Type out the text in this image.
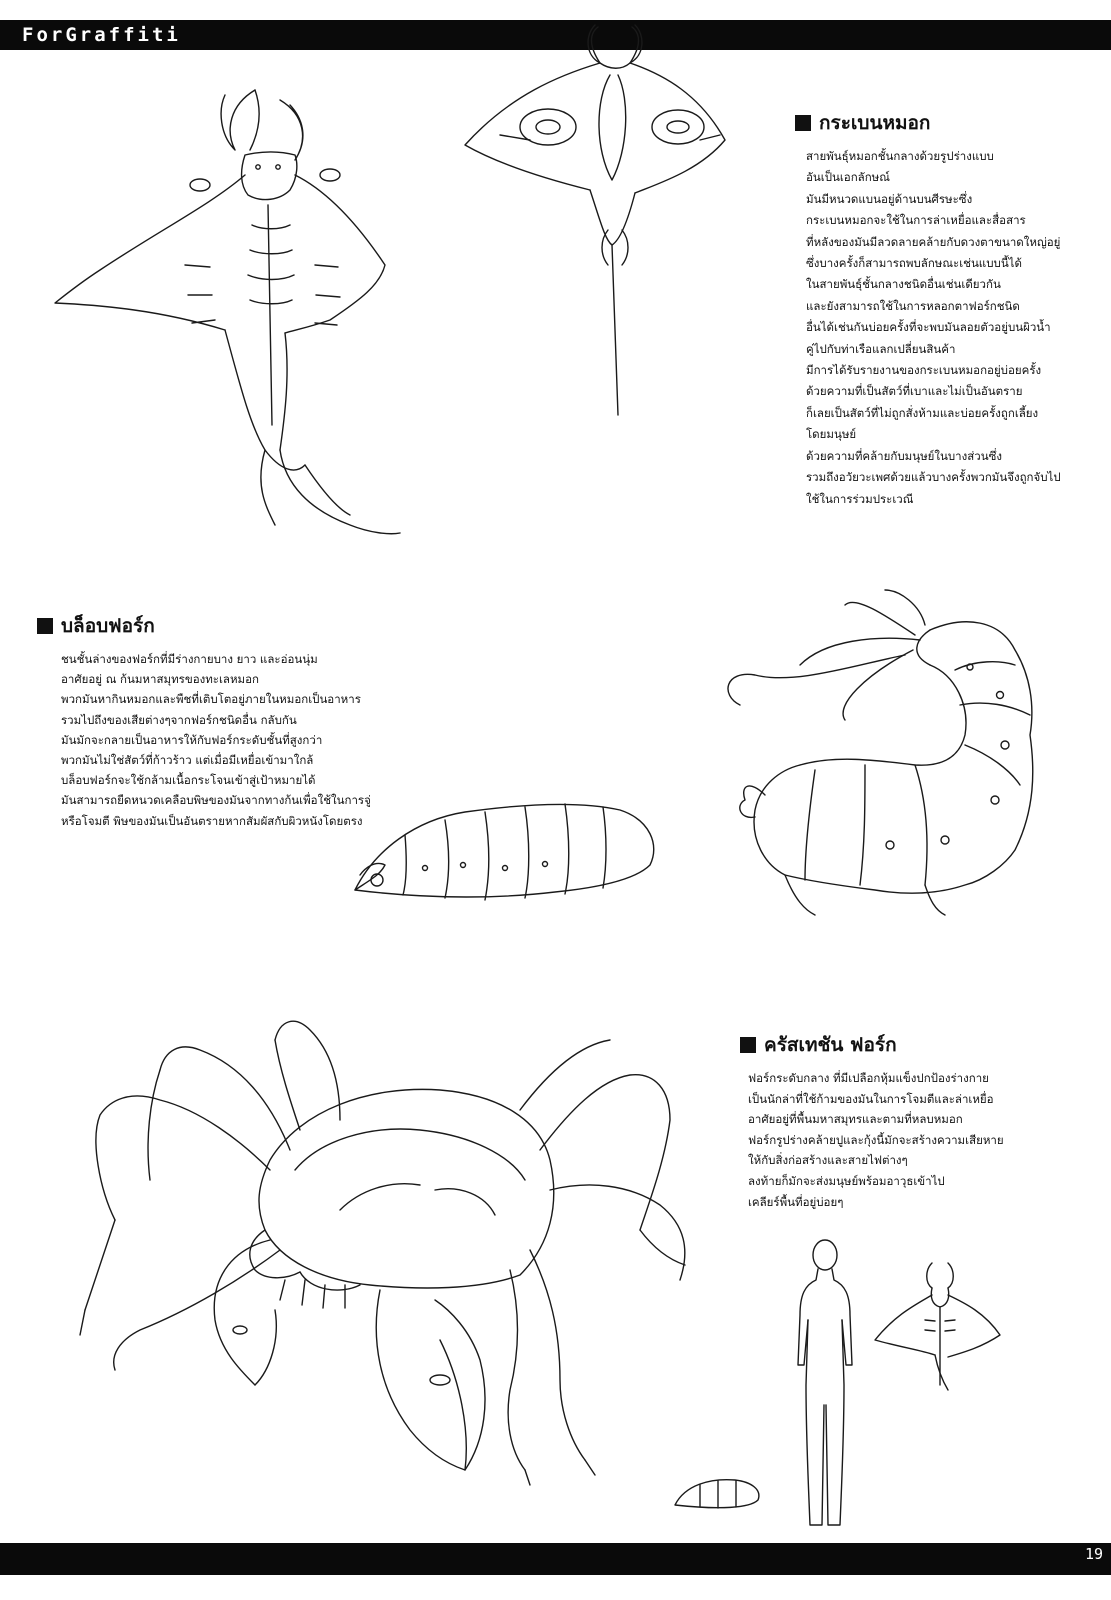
ForGraffiti
19
กระเบนหมอก
สายพันธุ์หมอกชั้นกลางด้วยรูปร่างแบบ
อันเป็นเอกลักษณ์
มันมีหนวดแบนอยู่ด้านบนศีรษะซึ่ง
กระเบนหมอกจะใช้ในการล่าเหยื่อและสื่อสาร
ที่หลังของมันมีลวดลายคล้ายกับดวงตาขนาดใหญ่อยู่
ซึ่งบางครั้งก็สามารถพบลักษณะเช่นแบบนี้ได้
ในสายพันธุ์ชั้นกลางชนิดอื่นเช่นเดียวกัน
และยังสามารถใช้ในการหลอกตาฟอร์กชนิด
อื่นได้เช่นกันบ่อยครั้งที่จะพบมันลอยตัวอยู่บนผิวน้ำ
คู่ไปกับท่าเรือแลกเปลี่ยนสินค้า
มีการได้รับรายงานของกระเบนหมอกอยู่บ่อยครั้ง
ด้วยความที่เป็นสัตว์ที่เบาและไม่เป็นอันตราย
ก็เลยเป็นสัตว์ที่ไม่ถูกสั่งห้ามและบ่อยครั้งถูกเลี้ยง
โดยมนุษย์
ด้วยความที่คล้ายกับมนุษย์ในบางส่วนซึ่ง
รวมถึงอวัยวะเพศด้วยแล้วบางครั้งพวกมันจึงถูกจับไป
ใช้ในการร่วมประเวณี
บล็อบฟอร์ก
ชนชั้นล่างของฟอร์กที่มีร่างกายบาง ยาว และอ่อนนุ่ม
อาศัยอยู่ ณ ก้นมหาสมุทรของทะเลหมอก
พวกมันหากินหมอกและพืชที่เติบโตอยู่ภายในหมอกเป็นอาหาร
รวมไปถึงของเสียต่างๆจากฟอร์กชนิดอื่น กลับกัน
มันมักจะกลายเป็นอาหารให้กับฟอร์กระดับชั้นที่สูงกว่า
พวกมันไม่ใช่สัตว์ที่ก้าวร้าว แต่เมื่อมีเหยื่อเข้ามาใกล้
บล็อบฟอร์กจะใช้กล้ามเนื้อกระโจนเข้าสู่เป้าหมายได้
มันสามารถยืดหนวดเคลือบพิษของมันจากทางก้นเพื่อใช้ในการจู่
หรือโจมตี พิษของมันเป็นอันตรายหากสัมผัสกับผิวหนังโดยตรง
ครัสเทชัน ฟอร์ก
ฟอร์กระดับกลาง ที่มีเปลือกหุ้มแข็งปกป้องร่างกาย
เป็นนักล่าที่ใช้ก้ามของมันในการโจมตีและล่าเหยื่อ
อาศัยอยู่ที่พื้นมหาสมุทรและตามที่หลบหมอก
ฟอร์กรูปร่างคล้ายปูและกุ้งนี้มักจะสร้างความเสียหาย
ให้กับสิ่งก่อสร้างและสายไฟต่างๆ
ลงท้ายก็มักจะส่งมนุษย์พร้อมอาวุธเข้าไป
เคลียร์พื้นที่อยู่บ่อยๆ
